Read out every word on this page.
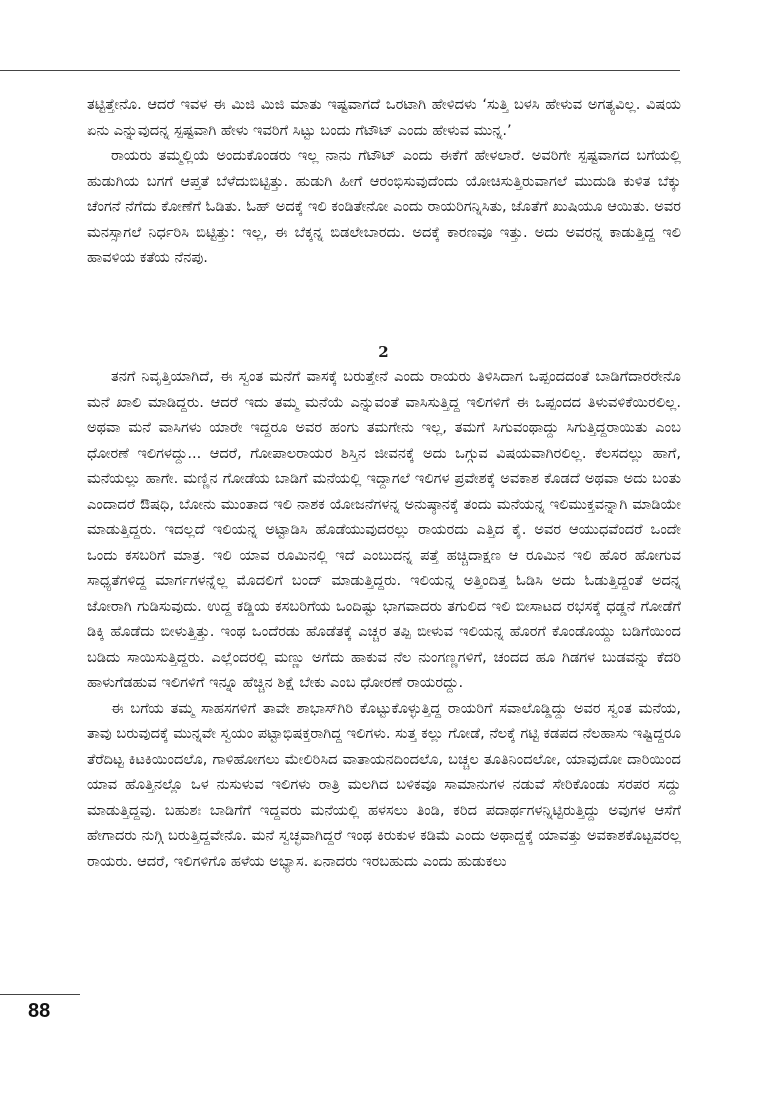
ತಟ್ಟಿತ್ತೇನೊ. ಆದರೆ ಇವಳ ಈ ಮಿಜಿ ಮಿಜಿ ಮಾತು ಇಷ್ಟವಾಗದೆ ಒರಟಾಗಿ ಹೇಳಿದಳು ‘ಸುತ್ತಿ ಬಳಸಿ ಹೇಳುವ ಅಗತ್ಯವಿಲ್ಲ. ವಿಷಯ ಏನು ಎನ್ನುವುದನ್ನ ಸ್ಪಷ್ಟವಾಗಿ ಹೇಳು ಇವರಿಗೆ ಸಿಟ್ಟು ಬಂದು ಗೆಟೌಟ್ ಎಂದು ಹೇಳುವ ಮುನ್ನ.’

ರಾಯರು ತಮ್ಮಲ್ಲಿಯೆ ಅಂದುಕೊಂಡರು ಇಲ್ಲ ನಾನು ಗೆಟೌಟ್ ಎಂದು ಈಕೆಗೆ ಹೇಳಲಾರೆ. ಅವರಿಗೇ ಸ್ಪಷ್ಟವಾಗದ ಬಗೆಯಲ್ಲಿ ಹುಡುಗಿಯ ಬಗಗೆ ಆಪ್ತತೆ ಬೆಳೆದುಬಿಟ್ಟಿತ್ತು. ಹುಡುಗಿ ಹೀಗೆ ಆರಂಭಿಸುವುದೆಂದು ಯೋಚಿಸುತ್ತಿರುವಾಗಲೆ ಮುದುಡಿ ಕುಳಿತ ಬೆಕ್ಕು ಚೆಂಗನೆ ನೆಗೆದು ಕೋಣೆಗೆ ಓಡಿತು. ಓಹ್ ಅದಕ್ಕೆ ಇಲಿ ಕಂಡಿತೇನೋ ಎಂದು ರಾಯರಿಗನ್ನಿಸಿತು, ಜೊತೆಗೆ ಖುಷಿಯೂ ಆಯಿತು. ಅವರ ಮನಸ್ಸಾಗಲೆ ನಿರ್ಧರಿಸಿ ಬಿಟ್ಟಿತ್ತು: ಇಲ್ಲ, ಈ ಬೆಕ್ಕನ್ನ ಬಿಡಲೇಬಾರದು. ಅದಕ್ಕೆ ಕಾರಣವೂ ಇತ್ತು. ಅದು ಅವರನ್ನ ಕಾಡುತ್ತಿದ್ದ ಇಲಿ ಹಾವಳಿಯ ಕತೆಯ ನೆನಪು.

2

ತನಗೆ ನಿವೃತ್ತಿಯಾಗಿದೆ, ಈ ಸ್ವಂತ ಮನೆಗೆ ವಾಸಕ್ಕೆ ಬರುತ್ತೇನೆ ಎಂದು ರಾಯರು ತಿಳಿಸಿದಾಗ ಒಪ್ಪಂದದಂತೆ ಬಾಡಿಗೆದಾರರೇನೊ ಮನೆ ಖಾಲಿ ಮಾಡಿದ್ದರು. ಆದರೆ ಇದು ತಮ್ಮ ಮನೆಯೆ ಎನ್ನುವಂತೆ ವಾಸಿಸುತ್ತಿದ್ದ ಇಲಿಗಳಿಗೆ ಈ ಒಪ್ಪಂದದ ತಿಳುವಳಿಕೆಯಿರಲಿಲ್ಲ. ಅಥವಾ ಮನೆ ವಾಸಿಗಳು ಯಾರೇ ಇದ್ದರೂ ಅವರ ಹಂಗು ತಮಗೇನು ಇಲ್ಲ, ತಮಗೆ ಸಿಗುವಂಥಾದ್ದು ಸಿಗುತ್ತಿದ್ದರಾಯಿತು ಎಂಬ ಧೋರಣೆ ಇಲಿಗಳದ್ದು... ಆದರೆ, ಗೋಪಾಲರಾಯರ ಶಿಸ್ತಿನ ಜೀವನಕ್ಕೆ ಅದು ಒಗ್ಗುವ ವಿಷಯವಾಗಿರಲಿಲ್ಲ. ಕೆಲಸದಲ್ಲು ಹಾಗೆ, ಮನೆಯಲ್ಲು ಹಾಗೇ. ಮಣ್ಣಿನ ಗೋಡೆಯ ಬಾಡಿಗೆ ಮನೆಯಲ್ಲಿ ಇದ್ದಾಗಲೆ ಇಲಿಗಳ ಪ್ರವೇಶಕ್ಕೆ ಅವಕಾಶ ಕೊಡದೆ ಅಥವಾ ಅದು ಬಂತು ಎಂದಾದರೆ ಔಷಧಿ, ಬೋನು ಮುಂತಾದ ಇಲಿ ನಾಶಕ ಯೋಜನೆಗಳನ್ನ ಅನುಷ್ಠಾನಕ್ಕೆ ತಂದು ಮನೆಯನ್ನ ಇಲಿಮುಕ್ತವನ್ನಾಗಿ ಮಾಡಿಯೇ ಮಾಡುತ್ತಿದ್ದರು. ಇದಲ್ಲದೆ ಇಲಿಯನ್ನ ಅಟ್ಟಾಡಿಸಿ ಹೊಡೆಯುವುದರಲ್ಲು ರಾಯರದು ಎತ್ತಿದ ಕೈ. ಅವರ ಆಯುಧವೆಂದರೆ ಒಂದೇ ಒಂದು ಕಸಬರಿಗೆ ಮಾತ್ರ. ಇಲಿ ಯಾವ ರೂಮಿನಲ್ಲಿ ಇದೆ ಎಂಬುದನ್ನ ಪತ್ತೆ ಹಚ್ಚಿದಾಕ್ಷಣ ಆ ರೂಮಿನ ಇಲಿ ಹೊರ ಹೋಗುವ ಸಾಧ್ಯತೆಗಳಿದ್ದ ಮಾರ್ಗಗಳನ್ನೆಲ್ಲ ಮೊದಲಿಗೆ ಬಂದ್ ಮಾಡುತ್ತಿದ್ದರು. ಇಲಿಯನ್ನ ಅತ್ತಿಂದಿತ್ತ ಓಡಿಸಿ ಅದು ಓಡುತ್ತಿದ್ದಂತೆ ಅದನ್ನ ಜೋರಾಗಿ ಗುಡಿಸುವುದು. ಉದ್ದ ಕಡ್ಡಿಯ ಕಸಬರಿಗೆಯ ಒಂದಿಷ್ಟು ಭಾಗವಾದರು ತಗುಲಿದ ಇಲಿ ಬೀಸಾಟದ ರಭಸಕ್ಕೆ ಧಡ್ಡನೆ ಗೋಡೆಗೆ ಡಿಕ್ಕಿ ಹೊಡೆದು ಬೀಳುತ್ತಿತ್ತು. ಇಂಥ ಒಂದೆರಡು ಹೊಡೆತಕ್ಕೆ ಎಚ್ಚರ ತಪ್ಪಿ ಬೀಳುವ ಇಲಿಯನ್ನ ಹೊರಗೆ ಕೊಂಡೊಯ್ದು ಬಡಿಗೆಯಿಂದ ಬಡಿದು ಸಾಯಿಸುತ್ತಿದ್ದರು. ಎಲ್ಲೆಂದರಲ್ಲಿ ಮಣ್ಣು ಅಗೆದು ಹಾಕುವ ನೆಲ ನುಂಗಣ್ಣಗಳಿಗೆ, ಚಂದದ ಹೂ ಗಿಡಗಳ ಬುಡವನ್ನು ಕೆದರಿ ಹಾಳುಗೆಡಹುವ ಇಲಿಗಳಿಗೆ ಇನ್ನೂ ಹೆಚ್ಚಿನ ಶಿಕ್ಷೆ ಬೇಕು ಎಂಬ ಧೋರಣೆ ರಾಯರದ್ದು.

ಈ ಬಗೆಯ ತಮ್ಮ ಸಾಹಸಗಳಿಗೆ ತಾವೇ ಶಾಭಾಸ್‌ಗಿರಿ ಕೊಟ್ಟುಕೊಳ್ಳುತ್ತಿದ್ದ ರಾಯರಿಗೆ ಸವಾಲೊಡ್ಡಿದ್ದು ಅವರ ಸ್ವಂತ ಮನೆಯ, ತಾವು ಬರುವುದಕ್ಕೆ ಮುನ್ನವೇ ಸ್ವಯಂ ಪಟ್ಟಾಭಿಷಕ್ತರಾಗಿದ್ದ ಇಲಿಗಳು. ಸುತ್ತ ಕಲ್ಲು ಗೋಡೆ, ನೆಲಕ್ಕೆ ಗಟ್ಟಿ ಕಡಪದ ನೆಲಹಾಸು ಇಷ್ಟಿದ್ದರೂ ತೆರೆದಿಟ್ಟ ಕಿಟಕಿಯಿಂದಲೊ, ಗಾಳಿಹೋಗಲು ಮೇಲಿರಿಸಿದ ವಾತಾಯನದಿಂದಲೊ, ಬಚ್ಚಲ ತೂತಿನಿಂದಲೋ, ಯಾವುದೋ ದಾರಿಯಿಂದ ಯಾವ ಹೊತ್ತಿನಲ್ಲೊ ಒಳ ನುಸುಳುವ ಇಲಿಗಳು ರಾತ್ರಿ ಮಲಗಿದ ಬಳಿಕವೂ ಸಾಮಾನುಗಳ ನಡುವೆ ಸೇರಿಕೊಂಡು ಸರಪರ ಸದ್ದು ಮಾಡುತ್ತಿದ್ದವು. ಬಹುಶಃ ಬಾಡಿಗೆಗೆ ಇದ್ದವರು ಮನೆಯಲ್ಲಿ ಹಳಸಲು ತಿಂಡಿ, ಕರಿದ ಪದಾರ್ಥಗಳನ್ನಿಟ್ಟಿರುತ್ತಿದ್ದು ಅವುಗಳ ಆಸೆಗೆ ಹೇಗಾದರು ನುಗ್ಗಿ ಬರುತ್ತಿದ್ದವೇನೊ. ಮನೆ ಸ್ವಚ್ಛವಾಗಿದ್ದರೆ ಇಂಥ ಕಿರುಕುಳ ಕಡಿಮೆ ಎಂದು ಅಥಾದ್ದಕ್ಕೆ ಯಾವತ್ತು ಅವಕಾಶಕೊಟ್ಟವರಲ್ಲ ರಾಯರು. ಆದರೆ, ಇಲಿಗಳಿಗೊ ಹಳೆಯ ಅಭ್ಯಾಸ. ಏನಾದರು ಇರಬಹುದು ಎಂದು ಹುಡುಕಲು

88
